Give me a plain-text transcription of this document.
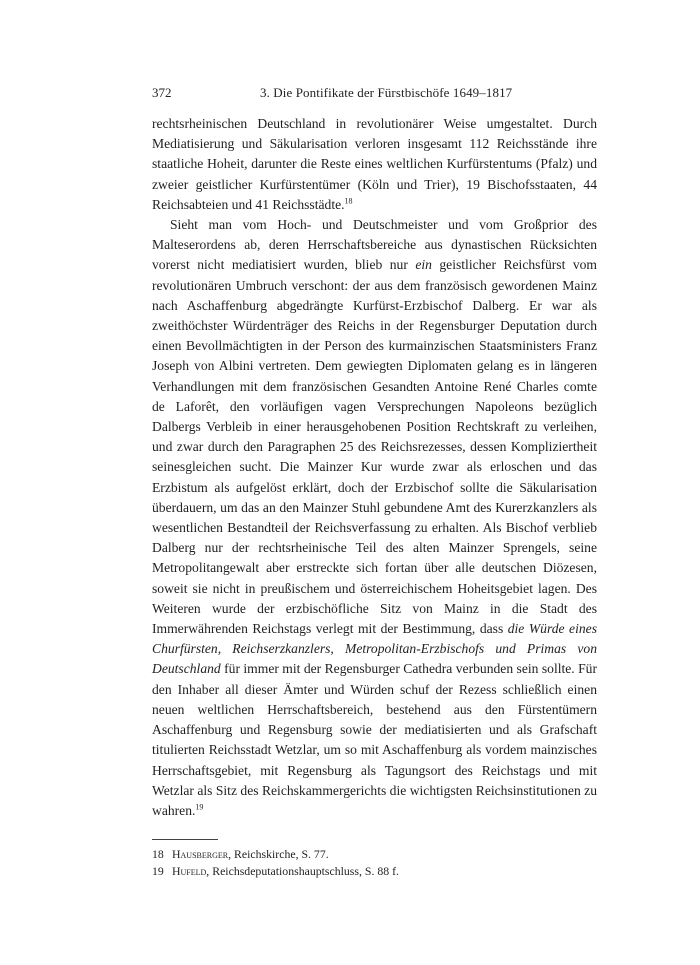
372	3. Die Pontifikate der Fürstbischöfe 1649–1817

rechtsrheinischen Deutschland in revolutionärer Weise umgestaltet. Durch Mediatisierung und Säkularisation verloren insgesamt 112 Reichsstände ihre staatliche Hoheit, darunter die Reste eines weltlichen Kurfürstentums (Pfalz) und zweier geistlicher Kurfürstentümer (Köln und Trier), 19 Bischofsstaaten, 44 Reichsabteien und 41 Reichsstädte.$^{18}$

Sieht man vom Hoch- und Deutschmeister und vom Großprior des Malteserordens ab, deren Herrschaftsbereiche aus dynastischen Rücksichten vorerst nicht mediatisiert wurden, blieb nur ein geistlicher Reichsfürst vom revolutionären Umbruch verschont: der aus dem französisch gewordenen Mainz nach Aschaffenburg abgedrängte Kurfürst-Erzbischof Dalberg. Er war als zweithöchster Würdenträger des Reichs in der Regensburger Deputation durch einen Bevollmächtigten in der Person des kurmainzischen Staatsministers Franz Joseph von Albini vertreten. Dem gewiegten Diplomaten gelang es in längeren Verhandlungen mit dem französischen Gesandten Antoine René Charles comte de Laforêt, den vorläufigen vagen Versprechungen Napoleons bezüglich Dalbergs Verbleib in einer herausgehobenen Position Rechtskraft zu verleihen, und zwar durch den Paragraphen 25 des Reichsrezesses, dessen Kompliziertheit seinesgleichen sucht. Die Mainzer Kur wurde zwar als erloschen und das Erzbistum als aufgelöst erklärt, doch der Erzbischof sollte die Säkularisation überdauern, um das an den Mainzer Stuhl gebundene Amt des Kurerzkanzlers als wesentlichen Bestandteil der Reichsverfassung zu erhalten. Als Bischof verblieb Dalberg nur der rechtsrheinische Teil des alten Mainzer Sprengels, seine Metropolitangewalt aber erstreckte sich fortan über alle deutschen Diözesen, soweit sie nicht in preußischem und österreichischem Hoheitsgebiet lagen. Des Weiteren wurde der erzbischöfliche Sitz von Mainz in die Stadt des Immerwährenden Reichstags verlegt mit der Bestimmung, dass die Würde eines Churfürsten, Reichserzkanzlers, Metropolitan-Erzbischofs und Primas von Deutschland für immer mit der Regensburger Cathedra verbunden sein sollte. Für den Inhaber all dieser Ämter und Würden schuf der Rezess schließlich einen neuen weltlichen Herrschaftsbereich, bestehend aus den Fürstentümern Aschaffenburg und Regensburg sowie der mediatisierten und als Grafschaft titulierten Reichsstadt Wetzlar, um so mit Aschaffenburg als vordem mainzisches Herrschaftsgebiet, mit Regensburg als Tagungsort des Reichstags und mit Wetzlar als Sitz des Reichskammergerichts die wichtigsten Reichsinstitutionen zu wahren.$^{19}$

18 Hausberger, Reichskirche, S. 77.
19 Hufeld, Reichsdeputationshauptschluss, S. 88 f.
